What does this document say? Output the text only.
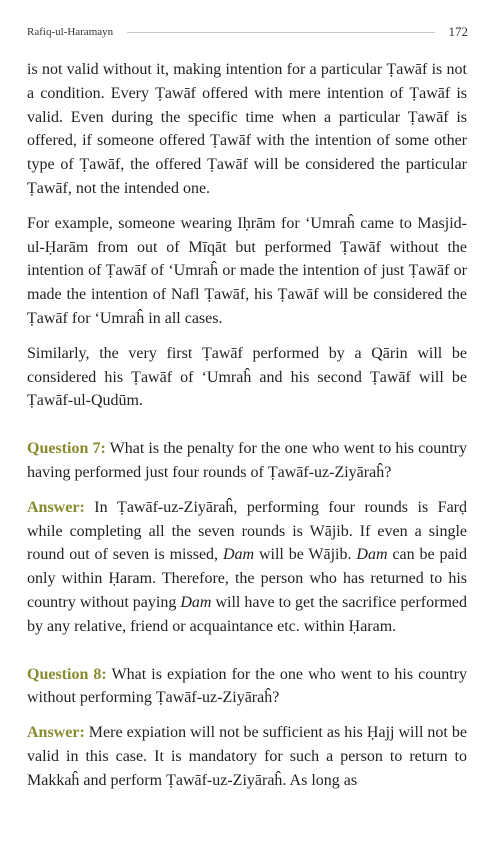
Rafiq-ul-Haramayn	172

is not valid without it, making intention for a particular Ṭawāf is not a condition. Every Ṭawāf offered with mere intention of Ṭawāf is valid. Even during the specific time when a particular Ṭawāf is offered, if someone offered Ṭawāf with the intention of some other type of Ṭawāf, the offered Ṭawāf will be considered the particular Ṭawāf, not the intended one.

For example, someone wearing Iḥrām for ‘Umraĥ came to Masjid-ul-Ḥarām from out of Mīqāt but performed Ṭawāf without the intention of Ṭawāf of ‘Umraĥ or made the intention of just Ṭawāf or made the intention of Nafl Ṭawāf, his Ṭawāf will be considered the Ṭawāf for ‘Umraĥ in all cases.

Similarly, the very first Ṭawāf performed by a Qārin will be considered his Ṭawāf of ‘Umraĥ and his second Ṭawāf will be Ṭawāf-ul-Qudūm.

Question 7: What is the penalty for the one who went to his country having performed just four rounds of Ṭawāf-uz-Ziyāraĥ?

Answer: In Ṭawāf-uz-Ziyāraĥ, performing four rounds is Farḍ while completing all the seven rounds is Wājib. If even a single round out of seven is missed, Dam will be Wājib. Dam can be paid only within Ḥaram. Therefore, the person who has returned to his country without paying Dam will have to get the sacrifice performed by any relative, friend or acquaintance etc. within Ḥaram.

Question 8: What is expiation for the one who went to his country without performing Ṭawāf-uz-Ziyāraĥ?

Answer: Mere expiation will not be sufficient as his Ḥajj will not be valid in this case. It is mandatory for such a person to return to Makkaĥ and perform Ṭawāf-uz-Ziyāraĥ. As long as
